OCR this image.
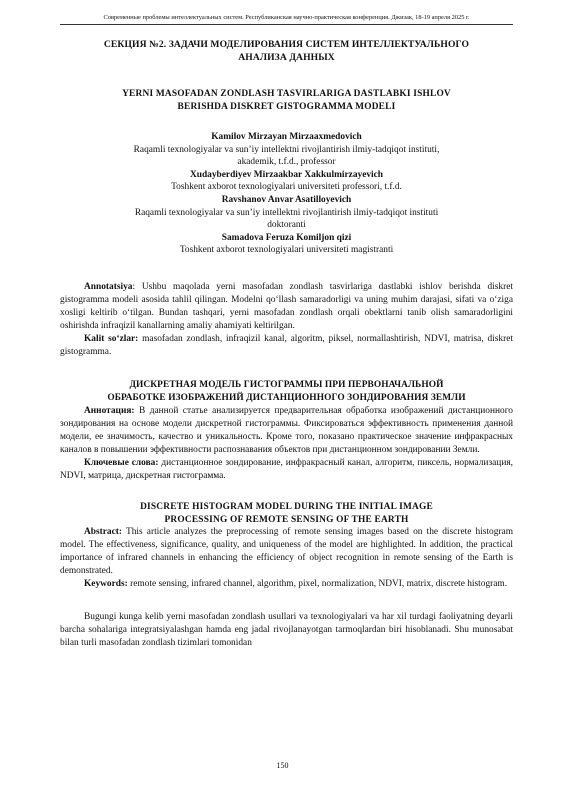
Современные проблемы интеллектуальных систем. Республиканская научно-практическая конференция. Джизак, 18-19 апреля 2025 г.
СЕКЦИЯ №2. ЗАДАЧИ МОДЕЛИРОВАНИЯ СИСТЕМ ИНТЕЛЛЕКТУАЛЬНОГО
АНАЛИЗА ДАННЫХ
YERNI MASOFADAN ZONDLASH TASVIRLARIGA DASTLABKI ISHLOV
BERISHDA DISKRET GISTOGRAMMA MODELI
Kamilov Mirzayan Mirzaaxmedovich
Raqamli texnologiyalar va sun’iy intellektni rivojlantirish ilmiy-tadqiqot instituti,
akademik, t.f.d., professor
Xudayberdiyev Mirzaakbar Xakkulmirzayevich
Toshkent axborot texnologiyalari universiteti professori, t.f.d.
Ravshanov Anvar Asatilloyevich
Raqamli texnologiyalar va sun’iy intellektni rivojlantirish ilmiy-tadqiqot instituti
doktoranti
Samadova Feruza Komiljon qizi
Toshkent axborot texnologiyalari universiteti magistranti

Annotatsiya: Ushbu maqolada yerni masofadan zondlash tasvirlariga dastlabki ishlov berishda diskret gistogramma modeli asosida tahlil qilingan. Modelni qo‘llash samaradorligi va uning muhim darajasi, sifati va o‘ziga xosligi keltirib o‘tilgan. Bundan tashqari, yerni masofadan zondlash orqali obektlarni tanib olish samaradorligini oshirishda infraqizil kanallarning amaliy ahamiyati keltirilgan.

Kalit so‘zlar: masofadan zondlash, infraqizil kanal, algoritm, piksel, normallashtirish, NDVI, matrisa, diskret gistogramma.

ДИСКРЕТНАЯ МОДЕЛЬ ГИСТОГРАММЫ ПРИ ПЕРВОНАЧАЛЬНОЙ
ОБРАБОТКЕ ИЗОБРАЖЕНИЙ ДИСТАНЦИОННОГО ЗОНДИРОВАНИЯ ЗЕМЛИ

Аннотация: В данной статье анализируется предварительная обработка изображений дистанционного зондирования на основе модели дискретной гистограммы. Фиксироваться эффективность применения данной модели, ее значимость, качество и уникальность. Кроме того, показано практическое значение инфракрасных каналов в повышении эффективности распознавания объектов при дистанционном зондировании Земли.

Ключевые слова: дистанционное зондирование, инфракрасный канал, алгоритм, пиксель, нормализация, NDVI, матрица, дискретная гистограмма.

DISCRETE HISTOGRAM MODEL DURING THE INITIAL IMAGE
PROCESSING OF REMOTE SENSING OF THE EARTH

Abstract: This article analyzes the preprocessing of remote sensing images based on the discrete histogram model. The effectiveness, significance, quality, and uniqueness of the model are highlighted. In addition, the practical importance of infrared channels in enhancing the efficiency of object recognition in remote sensing of the Earth is demonstrated.

Keywords: remote sensing, infrared channel, algorithm, pixel, normalization, NDVI, matrix, discrete histogram.

Bugungi kunga kelib yerni masofadan zondlash usullari va texnologiyalari va har xil turdagi faoliyatning deyarli barcha sohalariga integratsiyalashgan hamda eng jadal rivojlanayotgan tarmoqlardan biri hisoblanadi. Shu munosabat bilan turli masofadan zondlash tizimlari tomonidan

150
